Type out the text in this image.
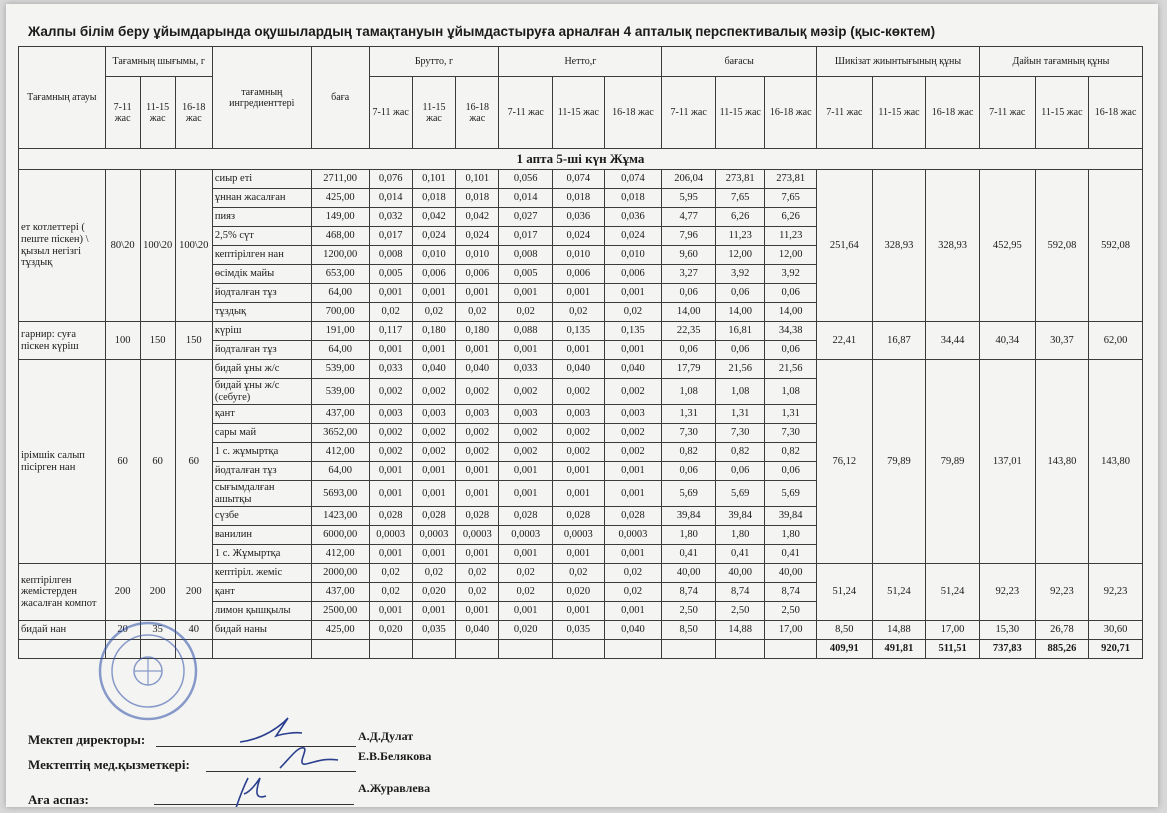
Жалпы білім беру ұйымдарында оқушылардың тамақтануын ұйымдастыруға арналған 4 апталық перспективалық мәзір (қыс-көктем)
Тағамның атауы	Тағамның шығымы, г			тағамның ингредиенттері	баға	Брутто, г			Нетто,г			бағасы			Шикізат жиынтығының құны			Дайын тағамның құны		
	7-11 жас	11-15 жас	16-18 жас			7-11 жас	11-15 жас	16-18 жас	7-11 жас	11-15 жас	16-18 жас	7-11 жас	11-15 жас	16-18 жас	7-11 жас	11-15 жас	16-18 жас	7-11 жас	11-15 жас	16-18 жас
1 апта 5-ші күн Жұма																				
ет котлеттері ( пеште піскен) \ қызыл негізгі тұздық	80\20	100\20	100\20	сиыр еті	2711,00	0,076	0,101	0,101	0,056	0,074	0,074	206,04	273,81	273,81	251,64	328,93	328,93	452,95	592,08	592,08
				ұннан жасалған	425,00	0,014	0,018	0,018	0,014	0,018	0,018	5,95	7,65	7,65						
				пияз	149,00	0,032	0,042	0,042	0,027	0,036	0,036	4,77	6,26	6,26						
				2,5% сүт	468,00	0,017	0,024	0,024	0,017	0,024	0,024	7,96	11,23	11,23						
				кептірілген нан	1200,00	0,008	0,010	0,010	0,008	0,010	0,010	9,60	12,00	12,00						
				өсімдік майы	653,00	0,005	0,006	0,006	0,005	0,006	0,006	3,27	3,92	3,92						
				йодталған тұз	64,00	0,001	0,001	0,001	0,001	0,001	0,001	0,06	0,06	0,06						
				тұздық	700,00	0,02	0,02	0,02	0,02	0,02	0,02	14,00	14,00	14,00						
гарнир: суға піскен күріш	100	150	150	күріш	191,00	0,117	0,180	0,180	0,088	0,135	0,135	22,35	16,81	34,38	22,41	16,87	34,44	40,34	30,37	62,00
				йодталған тұз	64,00	0,001	0,001	0,001	0,001	0,001	0,001	0,06	0,06	0,06						
ірімшік салып пісірген нан	60	60	60	бидай ұны ж/с	539,00	0,033	0,040	0,040	0,033	0,040	0,040	17,79	21,56	21,56	76,12	79,89	79,89	137,01	143,80	143,80
				бидай ұны ж/с (себуге)	539,00	0,002	0,002	0,002	0,002	0,002	0,002	1,08	1,08	1,08						
				қант	437,00	0,003	0,003	0,003	0,003	0,003	0,003	1,31	1,31	1,31						
				сары май	3652,00	0,002	0,002	0,002	0,002	0,002	0,002	7,30	7,30	7,30						
				1 с. жұмыртқа	412,00	0,002	0,002	0,002	0,002	0,002	0,002	0,82	0,82	0,82						
				йодталған тұз	64,00	0,001	0,001	0,001	0,001	0,001	0,001	0,06	0,06	0,06						
				сығымдалған ашытқы	5693,00	0,001	0,001	0,001	0,001	0,001	0,001	5,69	5,69	5,69						
				сүзбе	1423,00	0,028	0,028	0,028	0,028	0,028	0,028	39,84	39,84	39,84						
				ванилин	6000,00	0,0003	0,0003	0,0003	0,0003	0,0003	0,0003	1,80	1,80	1,80						
				1 с. Жұмыртқа	412,00	0,001	0,001	0,001	0,001	0,001	0,001	0,41	0,41	0,41						
кептірілген жемістерден жасалған компот	200	200	200	кептіріл. жеміс	2000,00	0,02	0,02	0,02	0,02	0,02	0,02	40,00	40,00	40,00	51,24	51,24	51,24	92,23	92,23	92,23
				қант	437,00	0,02	0,020	0,02	0,02	0,020	0,02	8,74	8,74	8,74						
				лимон қышқылы	2500,00	0,001	0,001	0,001	0,001	0,001	0,001	2,50	2,50	2,50						
бидай нан	20	35	40	бидай наны	425,00	0,020	0,035	0,040	0,020	0,035	0,040	8,50	14,88	17,00	8,50	14,88	17,00	15,30	26,78	30,60
															409,91	491,81	511,51	737,83	885,26	920,71
Мектеп директоры:	А.Д.Дулат
Мектептің мед.қызметкері:
Е.В.Белякова
Аға аспаз:
А.Журавлева
